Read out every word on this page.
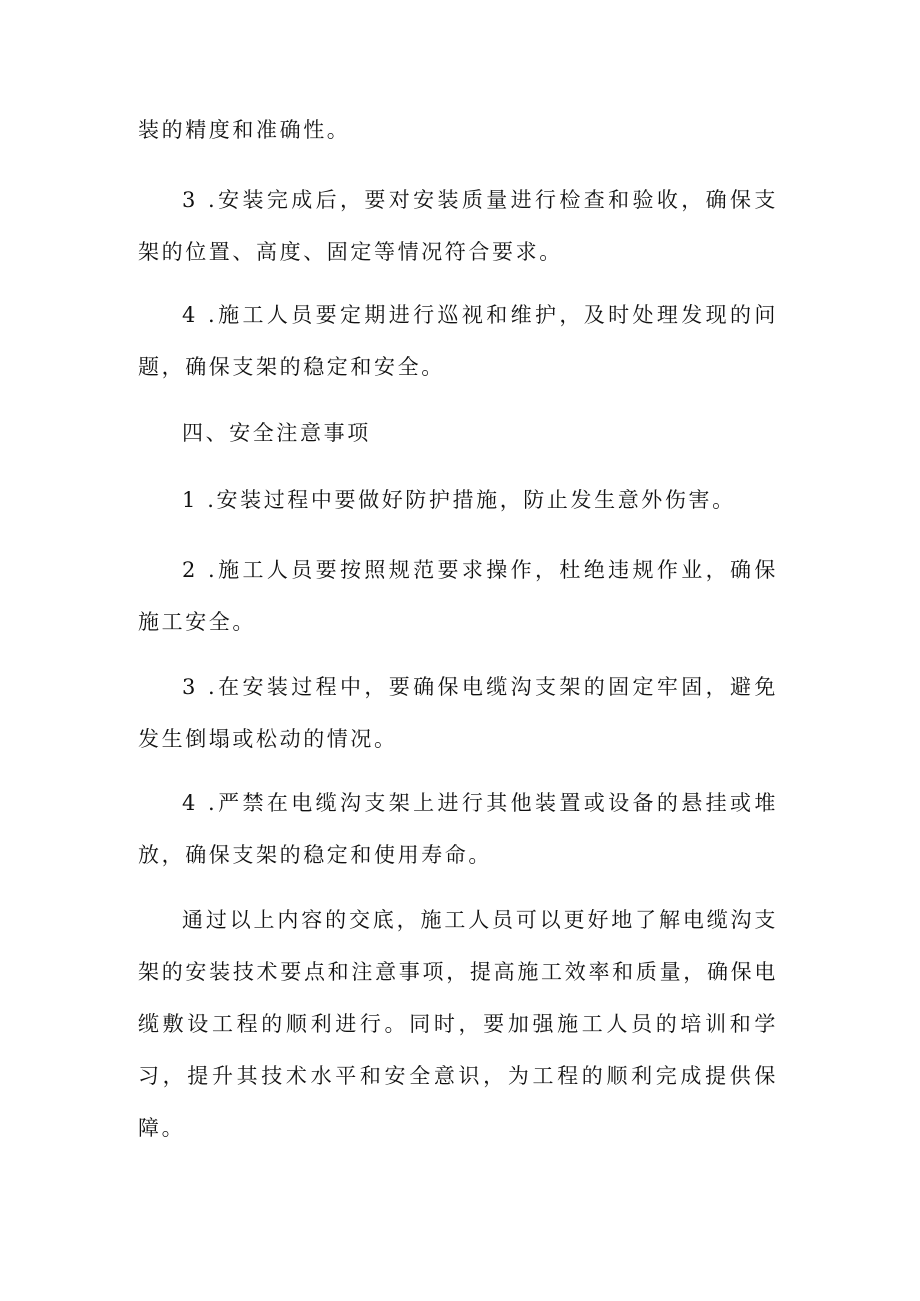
装的精度和准确性。

3 .安装完成后，要对安装质量进行检查和验收，确保支架的位置、高度、固定等情况符合要求。

4 .施工人员要定期进行巡视和维护，及时处理发现的问题，确保支架的稳定和安全。

四、安全注意事项

1 .安装过程中要做好防护措施，防止发生意外伤害。

2 .施工人员要按照规范要求操作，杜绝违规作业，确保施工安全。

3 .在安装过程中，要确保电缆沟支架的固定牢固，避免发生倒塌或松动的情况。

4 .严禁在电缆沟支架上进行其他装置或设备的悬挂或堆放，确保支架的稳定和使用寿命。

通过以上内容的交底，施工人员可以更好地了解电缆沟支架的安装技术要点和注意事项，提高施工效率和质量，确保电缆敷设工程的顺利进行。同时，要加强施工人员的培训和学习，提升其技术水平和安全意识，为工程的顺利完成提供保障。
